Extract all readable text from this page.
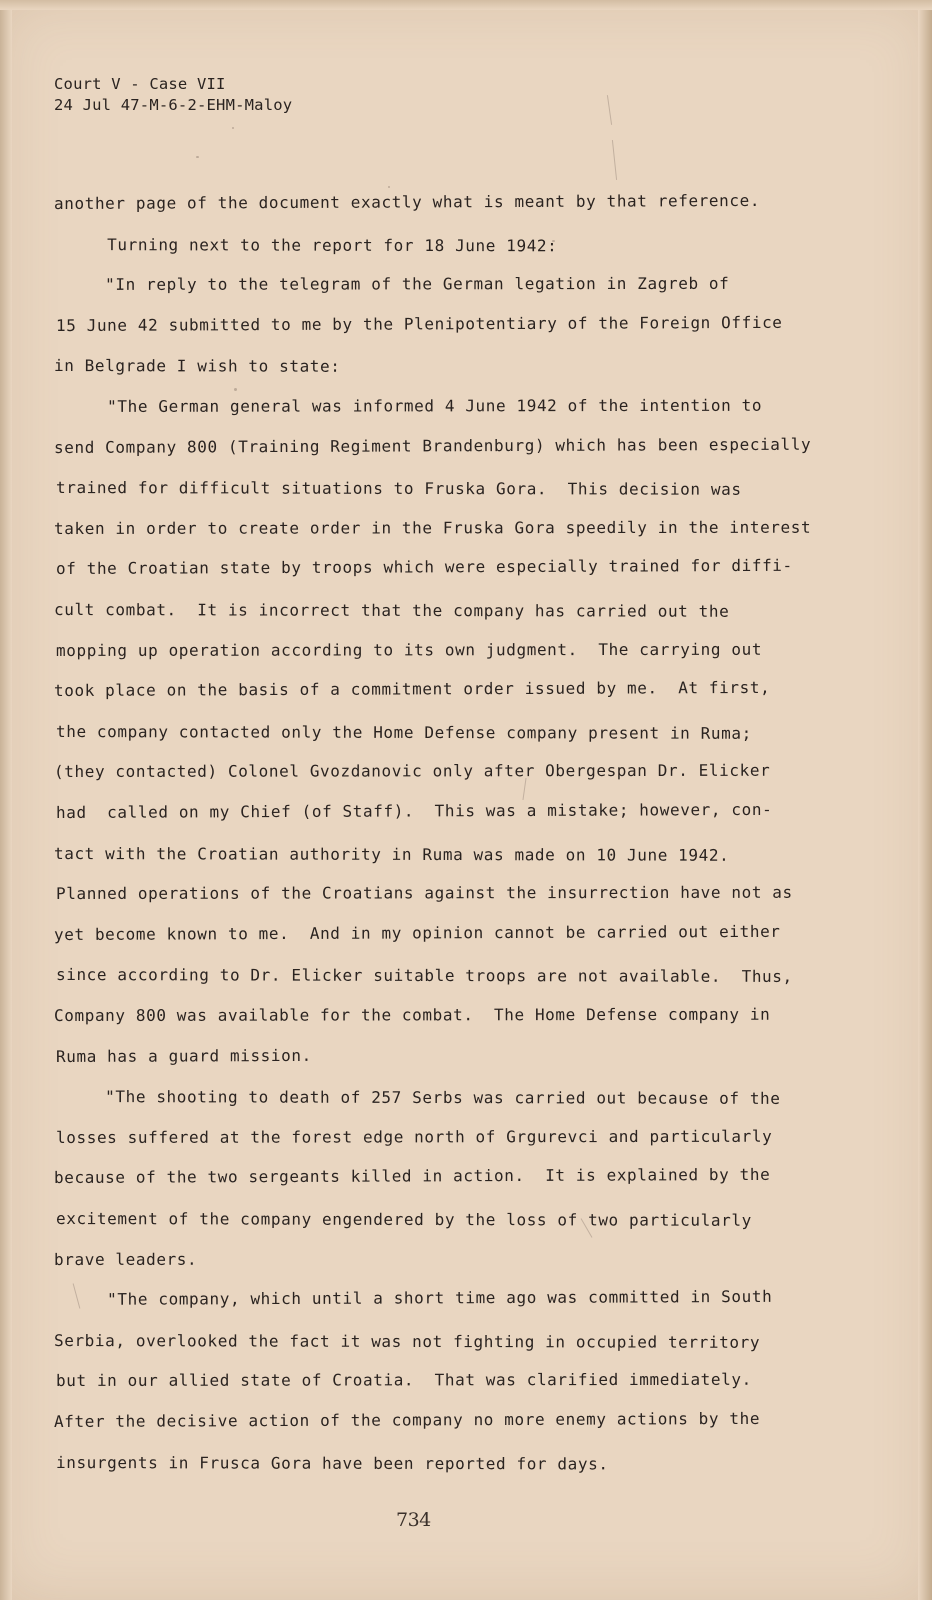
Court V - Case VII
24 Jul 47-M-6-2-EHM-Maloy
another page of the document exactly what is meant by that reference.
Turning next to the report for 18 June 1942:
"In reply to the telegram of the German legation in Zagreb of
15 June 42 submitted to me by the Plenipotentiary of the Foreign Office
in Belgrade I wish to state:
"The German general was informed 4 June 1942 of the intention to
send Company 800 (Training Regiment Brandenburg) which has been especially
trained for difficult situations to Fruska Gora.  This decision was
taken in order to create order in the Fruska Gora speedily in the interest
of the Croatian state by troops which were especially trained for diffi-
cult combat.  It is incorrect that the company has carried out the
mopping up operation according to its own judgment.  The carrying out
took place on the basis of a commitment order issued by me.  At first,
the company contacted only the Home Defense company present in Ruma;
(they contacted) Colonel Gvozdanovic only after Obergespan Dr. Elicker
had  called on my Chief (of Staff).  This was a mistake; however, con-
tact with the Croatian authority in Ruma was made on 10 June 1942.
Planned operations of the Croatians against the insurrection have not as
yet become known to me.  And in my opinion cannot be carried out either
since according to Dr. Elicker suitable troops are not available.  Thus,
Company 800 was available for the combat.  The Home Defense company in
Ruma has a guard mission.
"The shooting to death of 257 Serbs was carried out because of the
losses suffered at the forest edge north of Grgurevci and particularly
because of the two sergeants killed in action.  It is explained by the
excitement of the company engendered by the loss of two particularly
brave leaders.
"The company, which until a short time ago was committed in South
Serbia, overlooked the fact it was not fighting in occupied territory
but in our allied state of Croatia.  That was clarified immediately.
After the decisive action of the company no more enemy actions by the
insurgents in Frusca Gora have been reported for days.
734
